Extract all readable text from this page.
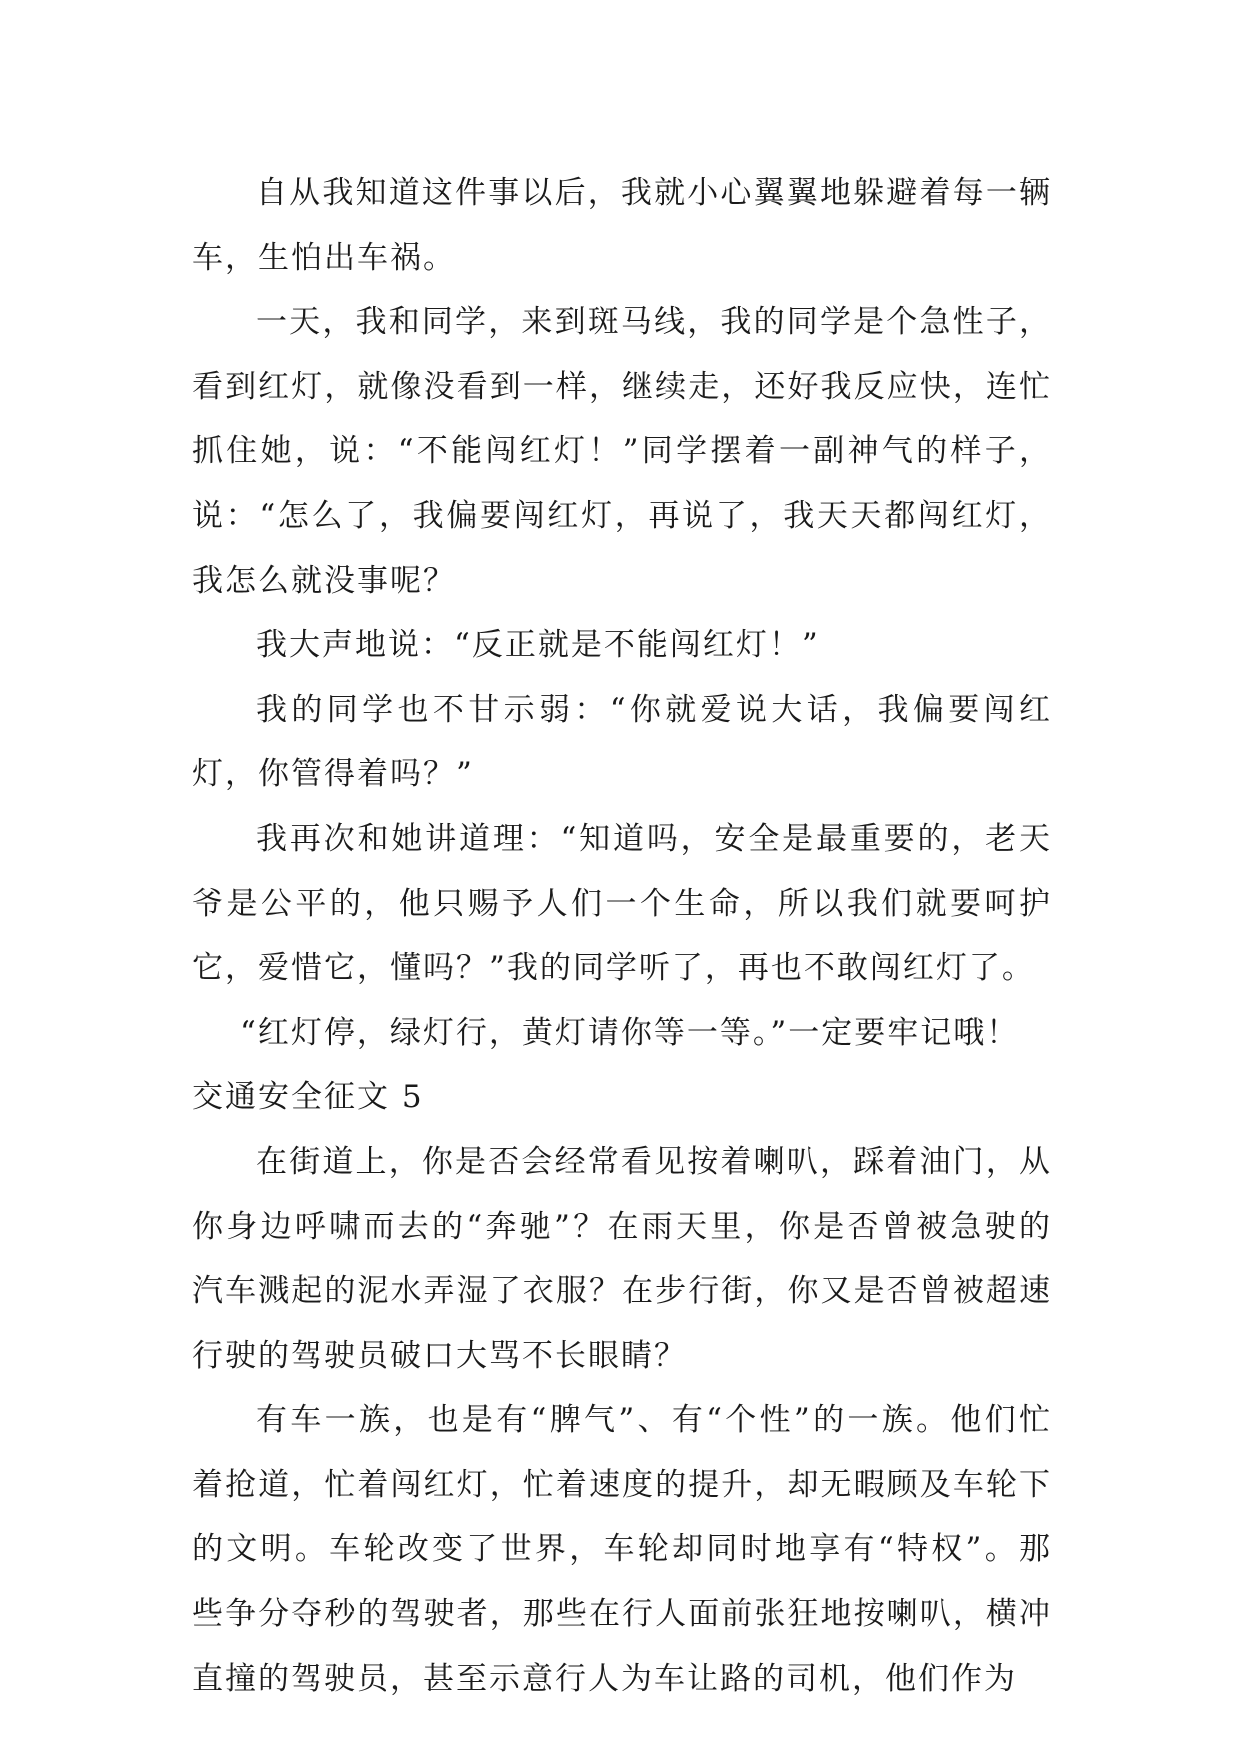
自从我知道这件事以后，我就小心翼翼地躲避着每一辆车，生怕出车祸。

一天，我和同学，来到斑马线，我的同学是个急性子，看到红灯，就像没看到一样，继续走，还好我反应快，连忙抓住她，说：“不能闯红灯！”同学摆着一副神气的样子，说：“怎么了，我偏要闯红灯，再说了，我天天都闯红灯，我怎么就没事呢？

我大声地说：“反正就是不能闯红灯！”

我的同学也不甘示弱：“你就爱说大话，我偏要闯红灯，你管得着吗？”

我再次和她讲道理：“知道吗，安全是最重要的，老天爷是公平的，他只赐予人们一个生命，所以我们就要呵护它，爱惜它，懂吗？”我的同学听了，再也不敢闯红灯了。

“红灯停，绿灯行，黄灯请你等一等。”一定要牢记哦！

交通安全征文 5

在街道上，你是否会经常看见按着喇叭，踩着油门，从你身边呼啸而去的“奔驰”？在雨天里，你是否曾被急驶的汽车溅起的泥水弄湿了衣服？在步行街，你又是否曾被超速行驶的驾驶员破口大骂不长眼睛？

有车一族，也是有“脾气”、有“个性”的一族。他们忙着抢道，忙着闯红灯，忙着速度的提升，却无暇顾及车轮下的文明。车轮改变了世界，车轮却同时地享有“特权”。那些争分夺秒的驾驶者，那些在行人面前张狂地按喇叭，横冲直撞的驾驶员，甚至示意行人为车让路的司机，他们作为
